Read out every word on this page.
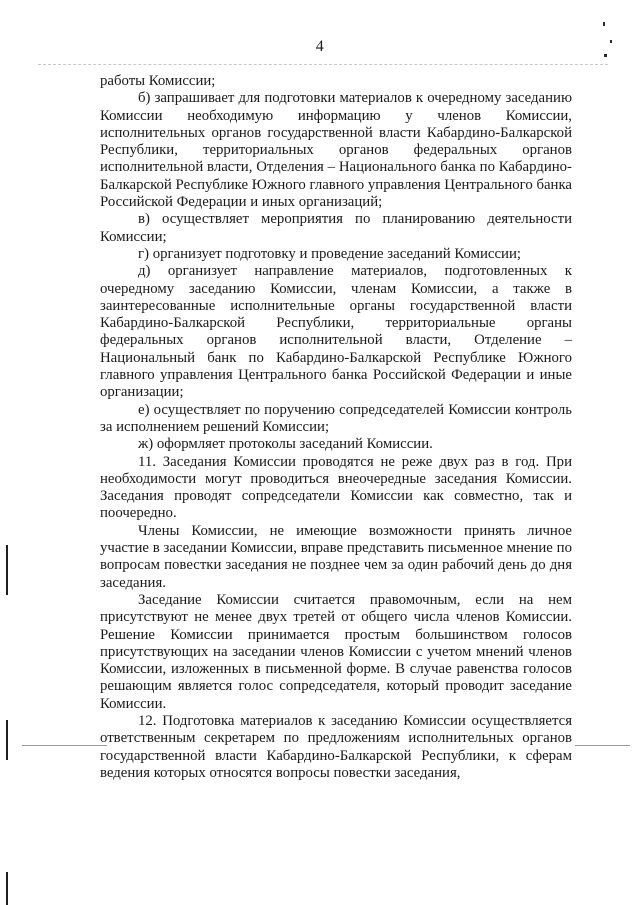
4

работы Комиссии;

б) запрашивает для подготовки материалов к очередному заседанию Комиссии необходимую информацию у членов Комиссии, исполнительных органов государственной власти Кабардино-Балкарской Республики, территориальных органов федеральных органов исполнительной власти, Отделения – Национального банка по Кабардино-Балкарской Республике Южного главного управления Центрального банка Российской Федерации и иных организаций;

в) осуществляет мероприятия по планированию деятельности Комиссии;

г) организует подготовку и проведение заседаний Комиссии;

д) организует направление материалов, подготовленных к очередному заседанию Комиссии, членам Комиссии, а также в заинтересованные исполнительные органы государственной власти Кабардино-Балкарской Республики, территориальные органы федеральных органов исполнительной власти, Отделение – Национальный банк по Кабардино-Балкарской Республике Южного главного управления Центрального банка Российской Федерации и иные организации;

е) осуществляет по поручению сопредседателей Комиссии контроль за исполнением решений Комиссии;

ж) оформляет протоколы заседаний Комиссии.

11. Заседания Комиссии проводятся не реже двух раз в год. При необходимости могут проводиться внеочередные заседания Комиссии. Заседания проводят сопредседатели Комиссии как совместно, так и поочередно.

Члены Комиссии, не имеющие возможности принять личное участие в заседании Комиссии, вправе представить письменное мнение по вопросам повестки заседания не позднее чем за один рабочий день до дня заседания.

Заседание Комиссии считается правомочным, если на нем присутствуют не менее двух третей от общего числа членов Комиссии. Решение Комиссии принимается простым большинством голосов присутствующих на заседании членов Комиссии с учетом мнений членов Комиссии, изложенных в письменной форме. В случае равенства голосов решающим является голос сопредседателя, который проводит заседание Комиссии.

12. Подготовка материалов к заседанию Комиссии осуществляется ответственным секретарем по предложениям исполнительных органов государственной власти Кабардино-Балкарской Республики, к сферам ведения которых относятся вопросы повестки заседания,
